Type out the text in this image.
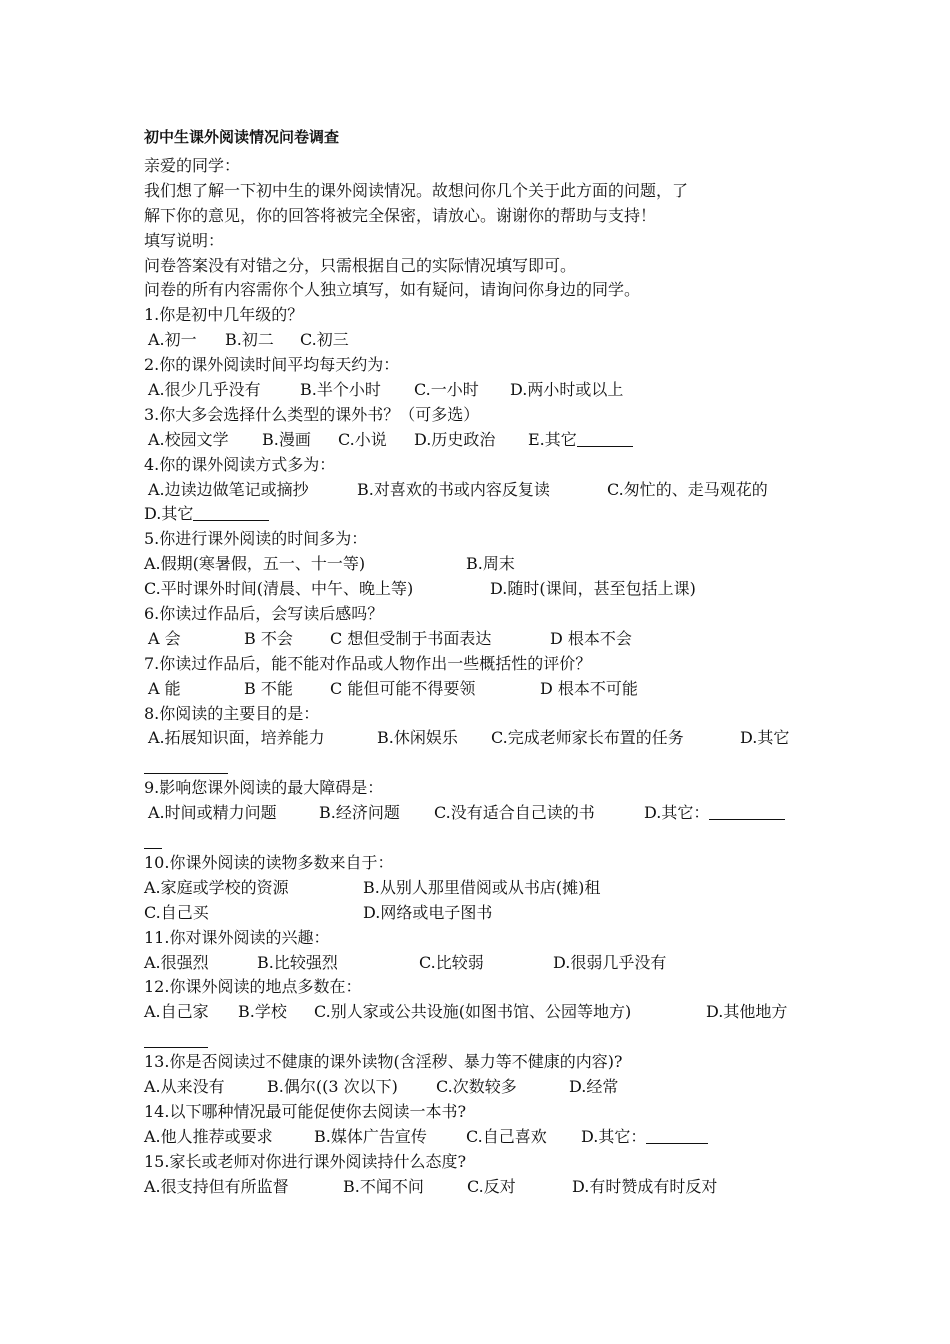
初中生课外阅读情况问卷调查
亲爱的同学：
我们想了解一下初中生的课外阅读情况。故想问你几个关于此方面的问题，了
解下你的意见，你的回答将被完全保密，请放心。谢谢你的帮助与支持！
填写说明：
问卷答案没有对错之分，只需根据自己的实际情况填写即可。
问卷的所有内容需你个人独立填写，如有疑问，请询问你身边的同学。
1.你是初中几年级的？
A.初一 B.初二 C.初三
2.你的课外阅读时间平均每天约为：
A.很少几乎没有 B.半个小时 C.一小时 D.两小时或以上
3.你大多会选择什么类型的课外书？（可多选）
A.校园文学 B.漫画 C.小说 D.历史政治 E.其它
4.你的课外阅读方式多为：
A.边读边做笔记或摘抄	B.对喜欢的书或内容反复读	C.匆忙的、走马观花的
D.其它
5.你进行课外阅读的时间多为：
A.假期(寒暑假，五一、十一等)	B.周末
C.平时课外时间(清晨、中午、晚上等)	D.随时(课间，甚至包括上课)
6.你读过作品后，会写读后感吗？
A 会	B 不会 C 想但受制于书面表达	D 根本不会
7.你读过作品后，能不能对作品或人物作出一些概括性的评价？
A 能	B 不能 C 能但可能不得要领	D 根本不可能
8.你阅读的主要目的是：
A.拓展知识面，培养能力	B.休闲娱乐 C.完成老师家长布置的任务	D.其它
9.影响您课外阅读的最大障碍是：
A.时间或精力问题	B.经济问题 C.没有适合自己读的书	D.其它：
10.你课外阅读的读物多数来自于：
A.家庭或学校的资源	B.从别人那里借阅或从书店(摊)租
C.自己买	D.网络或电子图书
11.你对课外阅读的兴趣：
A.很强烈	B.比较强烈	C.比较弱	D.很弱几乎没有
12.你课外阅读的地点多数在：
A.自己家 B.学校 C.别人家或公共设施(如图书馆、公园等地方)	D.其他地方
13.你是否阅读过不健康的课外读物(含淫秽、暴力等不健康的内容)?
A.从来没有	B.偶尔((3 次以下) C.次数较多	D.经常
14.以下哪种情况最可能促使你去阅读一本书?
A.他人推荐或要求	B.媒体广告宣传 C.自己喜欢 D.其它：
15.家长或老师对你进行课外阅读持什么态度?
A.很支持但有所监督	B.不闻不问	C.反对	D.有时赞成有时反对
